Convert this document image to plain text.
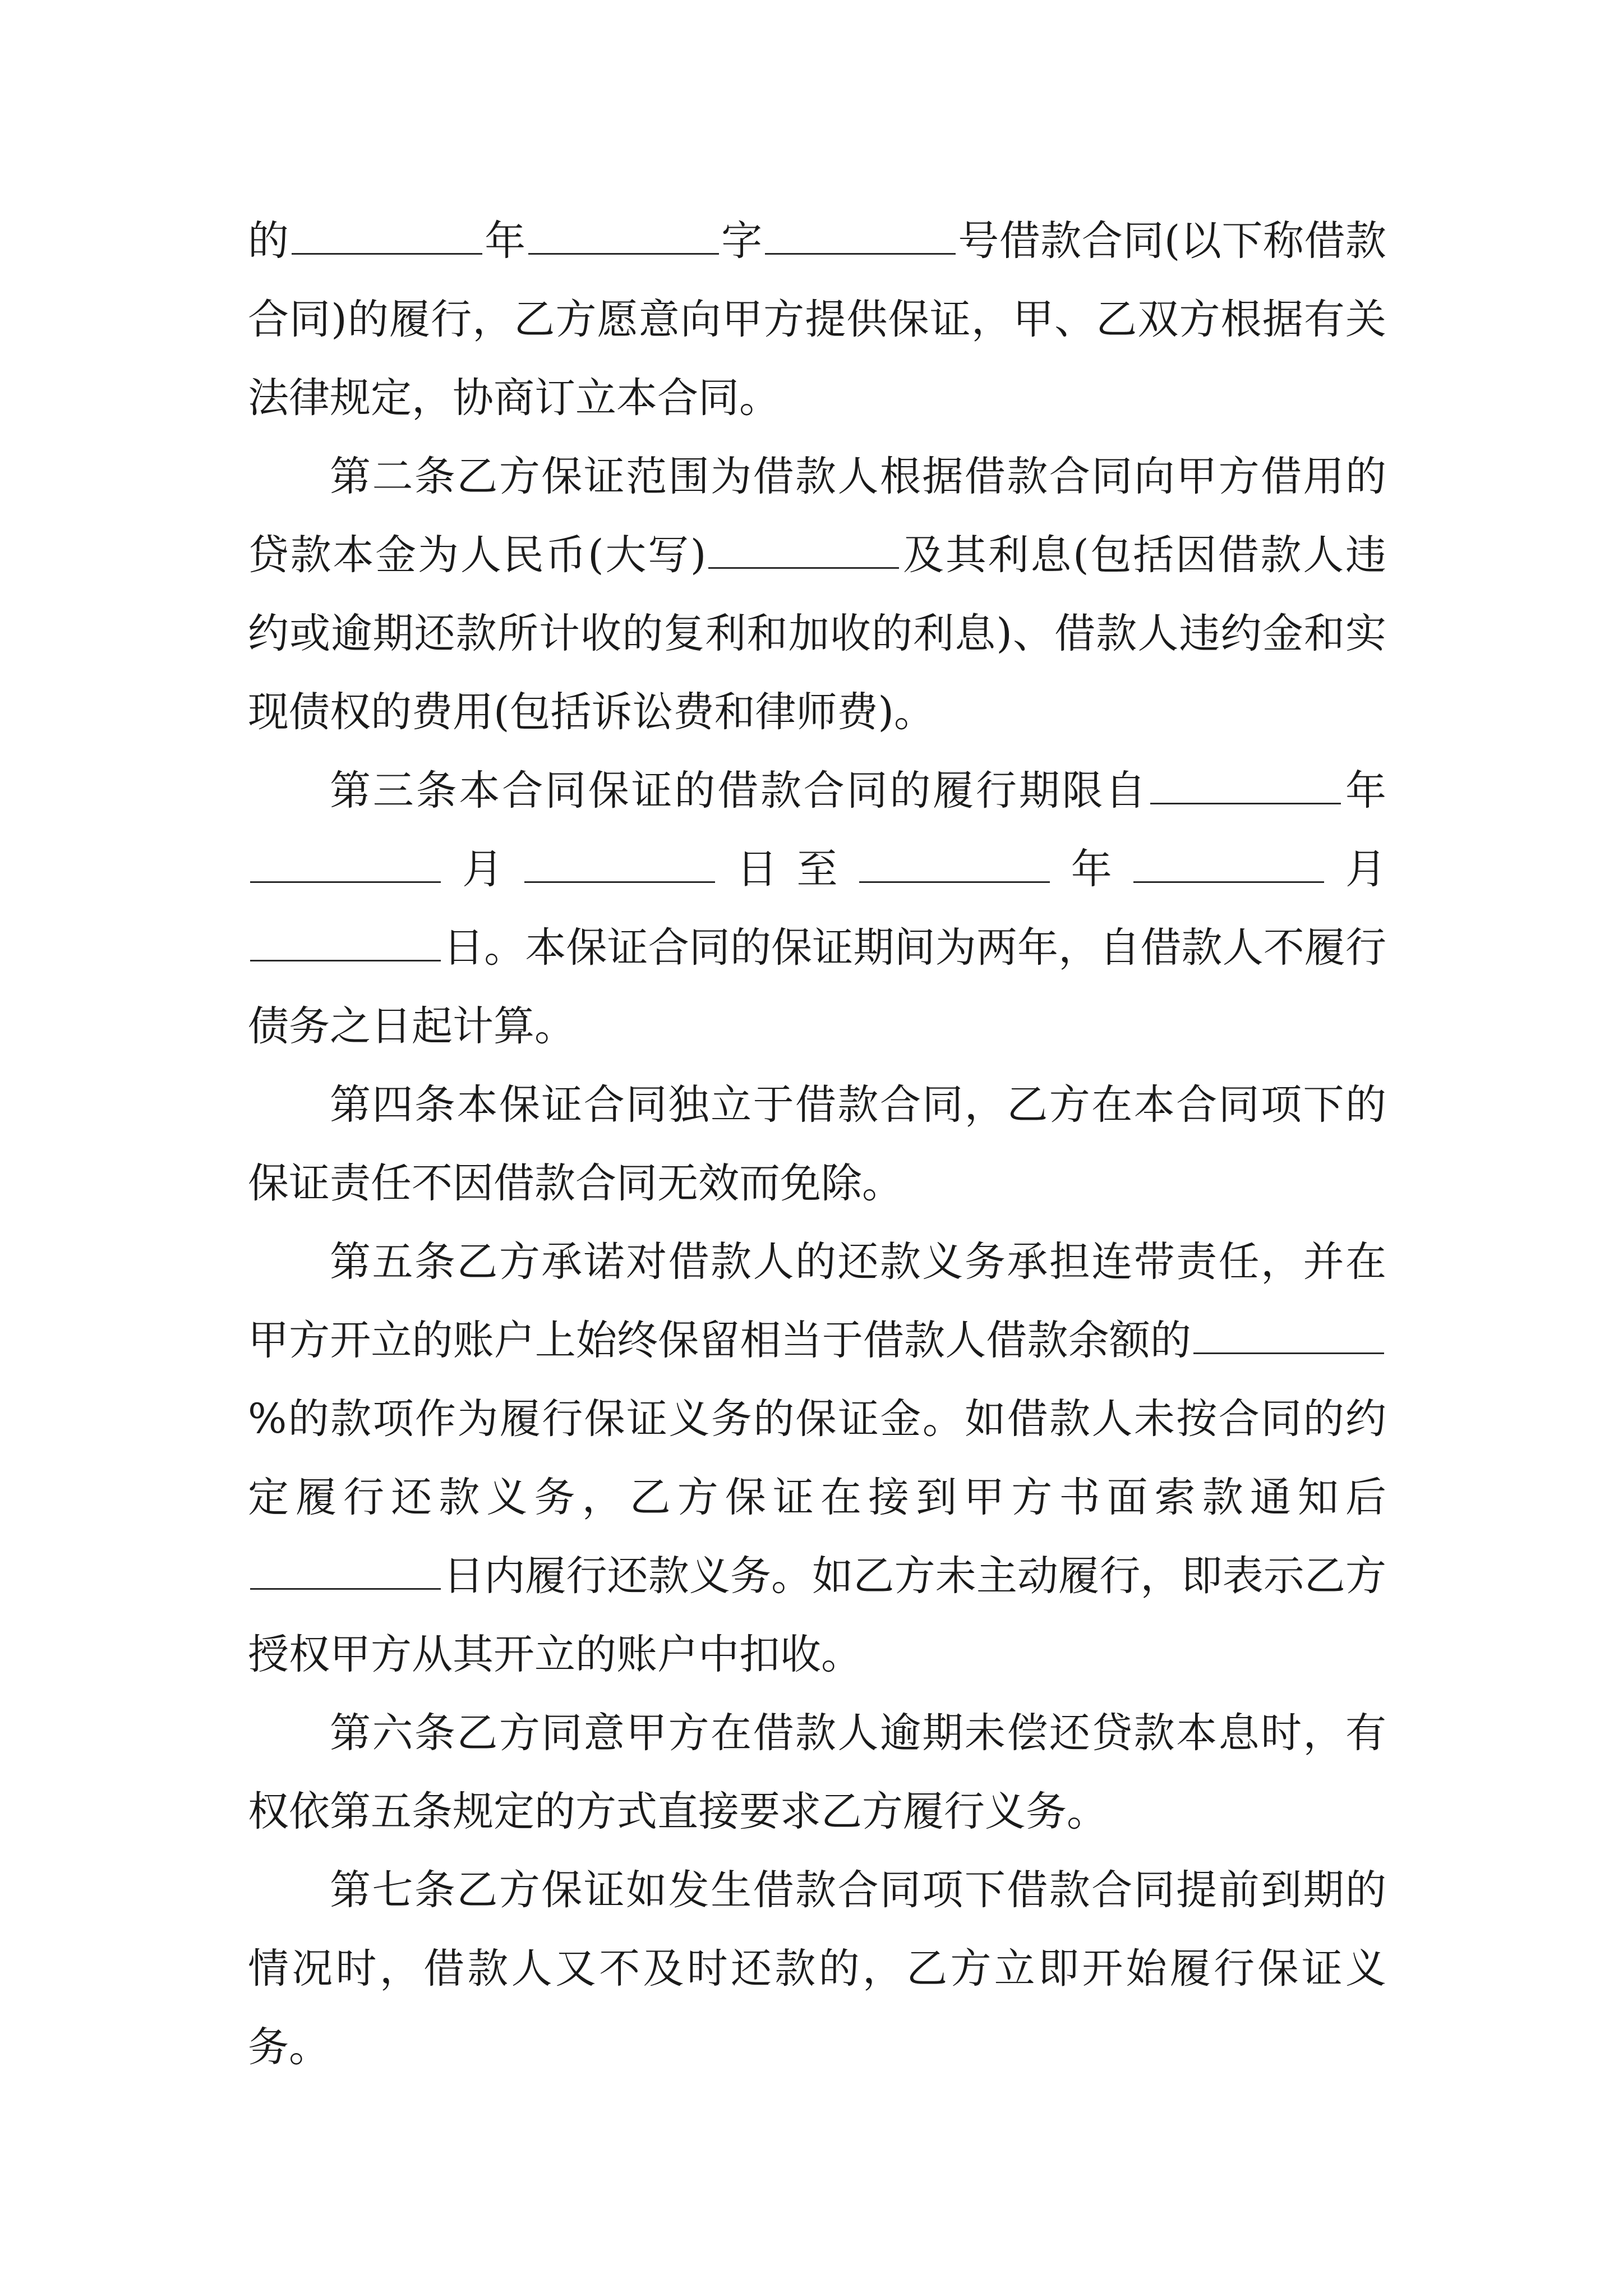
的	年	字	号借款合同(以下称借款合同)的履行，乙方愿意向甲方提供保证，甲、乙双方根据有关法律规定，协商订立本合同。

第二条乙方保证范围为借款人根据借款合同向甲方借用的贷款本金为人民币(大写)	及其利息(包括因借款人违约或逾期还款所计收的复利和加收的利息)、借款人违约金和实现债权的费用(包括诉讼费和律师费)。

第三条本合同保证的借款合同的履行期限自	年月	日至	年	月日。本保证合同的保证期间为两年，自借款人不履行债务之日起计算。

第四条本保证合同独立于借款合同，乙方在本合同项下的保证责任不因借款合同无效而免除。

第五条乙方承诺对借款人的还款义务承担连带责任，并在甲方开立的账户上始终保留相当于借款人借款余额的%的款项作为履行保证义务的保证金。如借款人未按合同的约定履行还款义务，乙方保证在接到甲方书面索款通知后日内履行还款义务。如乙方未主动履行，即表示乙方授权甲方从其开立的账户中扣收。

第六条乙方同意甲方在借款人逾期未偿还贷款本息时，有权依第五条规定的方式直接要求乙方履行义务。

第七条乙方保证如发生借款合同项下借款合同提前到期的情况时，借款人又不及时还款的，乙方立即开始履行保证义务。
